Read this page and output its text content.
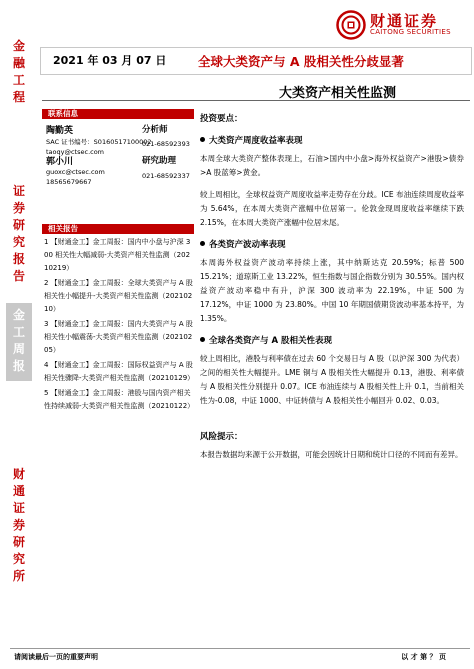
金
融
工
程
证
券
研
究
报
告
金
工
周
报
财
通
证
券
研
究
所
财通证券
CAITONG SECURITIES
2021 年 03 月 07 日	全球大类资产与 A 股相关性分歧显著
大类资产相关性监测
联系信息
陶勤英	分析师
SAC 证书编号：S0160517100002
021-68592393
taoqy@ctsec.com
郭小川	研究助理
021-68592337
guoxc@ctsec.com
18565679667
相关报告
1 【财通金工】金工周报：国内中小盘与沪深 300 相关性大幅减弱-大类资产相关性监测（20210219）
2 【财通金工】金工周报：全球大类资产与 A 股相关性小幅提升-大类资产相关性监测（20210210）
3 【财通金工】金工周报：国内大类资产与 A 股相关性小幅震荡-大类资产相关性监测（20210205）
4 【财通金工】金工周报：国际权益资产与 A 股相关性骤降-大类资产相关性监测（20210129）
5 【财通金工】金工周报：港股与国内资产相关性持续减弱-大类资产相关性监测（20210122）
投资要点：
大类资产周度收益率表现
本周全球大类资产整体表现上，石油>国内中小盘>海外权益资产>港股>债券>A 股蓝筹>黄金。
较上周相比，全球权益资产周度收益率走势存在分歧。ICE 布油连续周度收益率为 5.64%，在本周大类资产涨幅中位居第一。伦敦金现周度收益率继续下跌 2.15%，在本周大类资产涨幅中位居末尾。
各类资产波动率表现
本周海外权益资产波动率持续上涨，其中纳斯达克 20.59%；标普 500 15.21%；道琼斯工业 13.22%，恒生指数与国企指数分别为 30.55%。国内权益资产波动率稳中有升，沪深 300 波动率为 22.19%，中证 500 为 17.12%，中证 1000 为 23.80%。中国 10 年期国债期货波动率基本持平，为 1.35%。
全球各类资产与 A 股相关性表现
较上周相比，港股与利率债在过去 60 个交易日与 A 股（以沪深 300 为代表）之间的相关性大幅提升。LME 铜与 A 股相关性大幅提升 0.13，港股、利率债与 A 股相关性分别提升 0.07。ICE 布油连续与 A 股相关性上升 0.1，当前相关性为-0.08，中证 1000、中证转债与 A 股相关性小幅回升 0.02、0.03。
风险提示：
本报告数据均来源于公开数据，可能会因统计日期和统计口径的不同而有差异。
请阅读最后一页的重要声明	以 才 第 ？ 页
